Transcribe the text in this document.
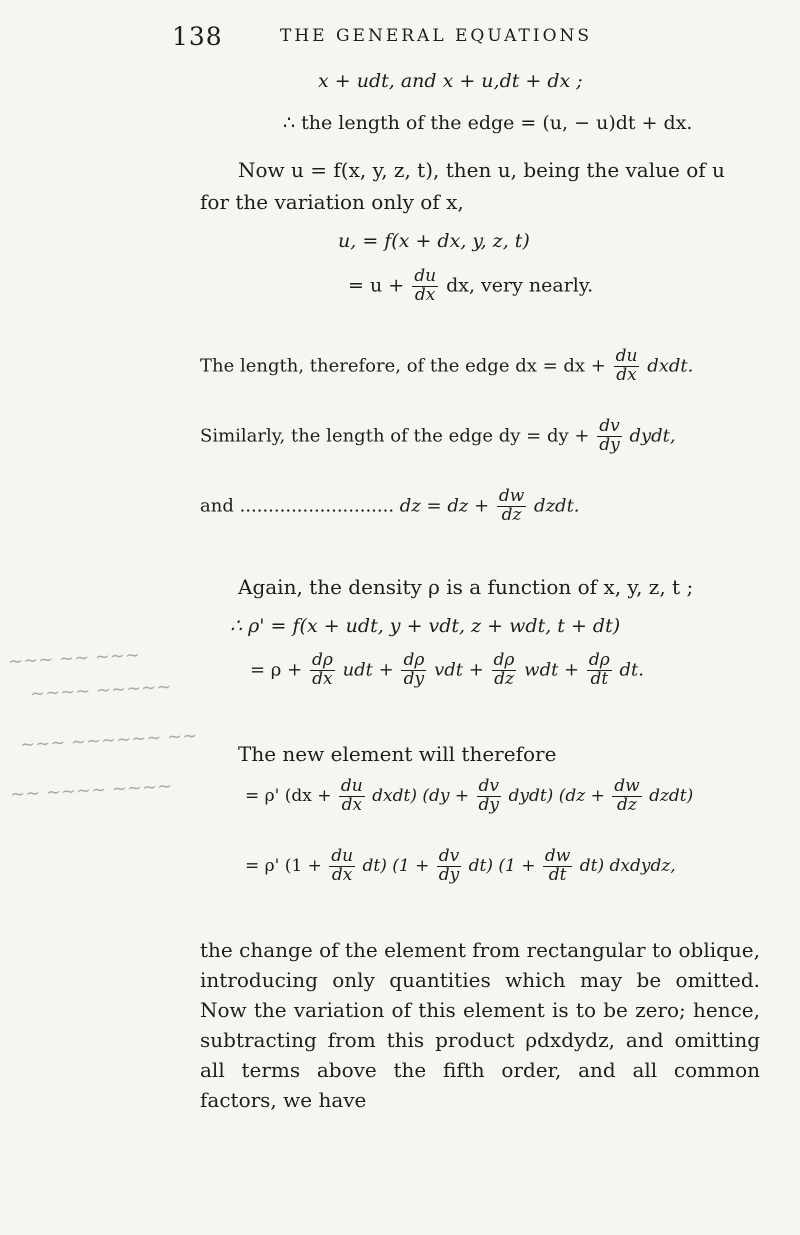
138	THE GENERAL EQUATIONS
x + udt, and x + u,dt + dx ;
∴ the length of the edge = (u, − u)dt + dx.
Now u = f(x, y, z, t), then u, being the value of u
for the variation only of x,
u, = f(x + dx, y, z, t)
= $u + \frac{du}{dx}$ dx, very nearly.
The length, therefore, of the edge dx = dx + $\frac{du}{dx}$ dxdt.
Similarly, the length of the edge dy = dy + $\frac{dv}{dy}$ dydt,
and ........................... dz = dz + $\frac{dw}{dz}$ dzdt.
Again, the density ρ is a function of x, y, z, t ;
∴ ρ' = f(x + udt, y + vdt, z + wdt, t + dt)
= $\rho + \frac{d\rho}{dx}$ udt + $\frac{d\rho}{dy}$ vdt + $\frac{d\rho}{dz}$ wdt + $\frac{d\rho}{dt}$ dt.
The new element will therefore
= ρ' ($dx + \frac{du}{dx}$ dxdt) ($dy + \frac{dv}{dy}$ dydt) ($dz + \frac{dw}{dz}$ dzdt)
= ρ' $(1 + \frac{du}{dx} dt)$ $(1 + \frac{dv}{dy} dt)$ $(1 + \frac{dw}{dt} dt)$ dxdydz,
the change of the element from rectangular to oblique, introducing only quantities which may be omitted. Now the variation of this element is to be zero; hence, subtracting from this product ρdxdydz, and omitting all terms above the fifth order, and all common factors, we have
~~~ ~~ ~~~
~~~~ ~~~~~
~~~ ~~~~~~ ~~
~~ ~~~~ ~~~~
